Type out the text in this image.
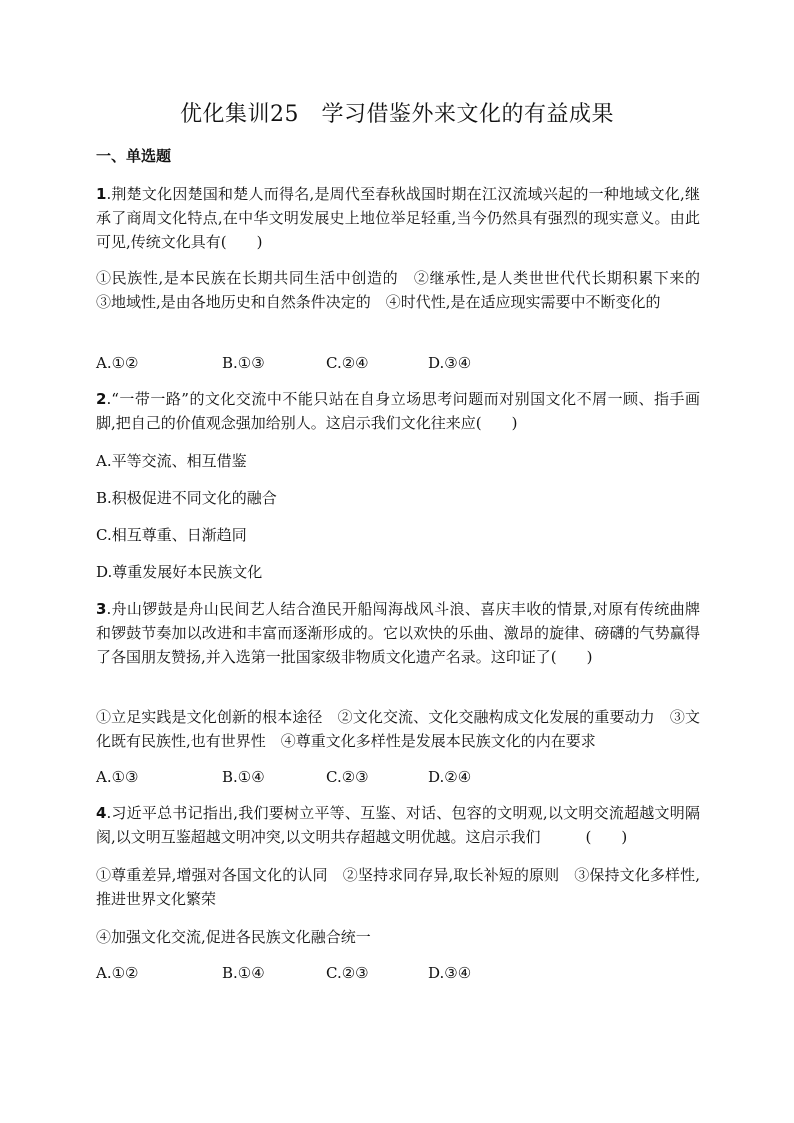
优化集训25　学习借鉴外来文化的有益成果
一、单选题
1.荆楚文化因楚国和楚人而得名,是周代至春秋战国时期在江汉流域兴起的一种地域文化,继承了商周文化特点,在中华文明发展史上地位举足轻重,当今仍然具有强烈的现实意义。由此可见,传统文化具有(　　)
①民族性,是本民族在长期共同生活中创造的　②继承性,是人类世世代代长期积累下来的　③地域性,是由各地历史和自然条件决定的　④时代性,是在适应现实需要中不断变化的
A.①②	B.①③	C.②④	D.③④
2.“一带一路”的文化交流中不能只站在自身立场思考问题而对别国文化不屑一顾、指手画脚,把自己的价值观念强加给别人。这启示我们文化往来应(　　)
A.平等交流、相互借鉴
B.积极促进不同文化的融合
C.相互尊重、日渐趋同
D.尊重发展好本民族文化
3.舟山锣鼓是舟山民间艺人结合渔民开船闯海战风斗浪、喜庆丰收的情景,对原有传统曲牌和锣鼓节奏加以改进和丰富而逐渐形成的。它以欢快的乐曲、激昂的旋律、磅礴的气势赢得了各国朋友赞扬,并入选第一批国家级非物质文化遗产名录。这印证了(　　)
①立足实践是文化创新的根本途径　②文化交流、文化交融构成文化发展的重要动力　③文化既有民族性,也有世界性　④尊重文化多样性是发展本民族文化的内在要求
A.①③	B.①④	C.②③	D.②④
4.习近平总书记指出,我们要树立平等、互鉴、对话、包容的文明观,以文明交流超越文明隔阂,以文明互鉴超越文明冲突,以文明共存超越文明优越。这启示我们　　　(　　)
①尊重差异,增强对各国文化的认同　②坚持求同存异,取长补短的原则　③保持文化多样性,推进世界文化繁荣
④加强文化交流,促进各民族文化融合统一
A.①②	B.①④	C.②③	D.③④
